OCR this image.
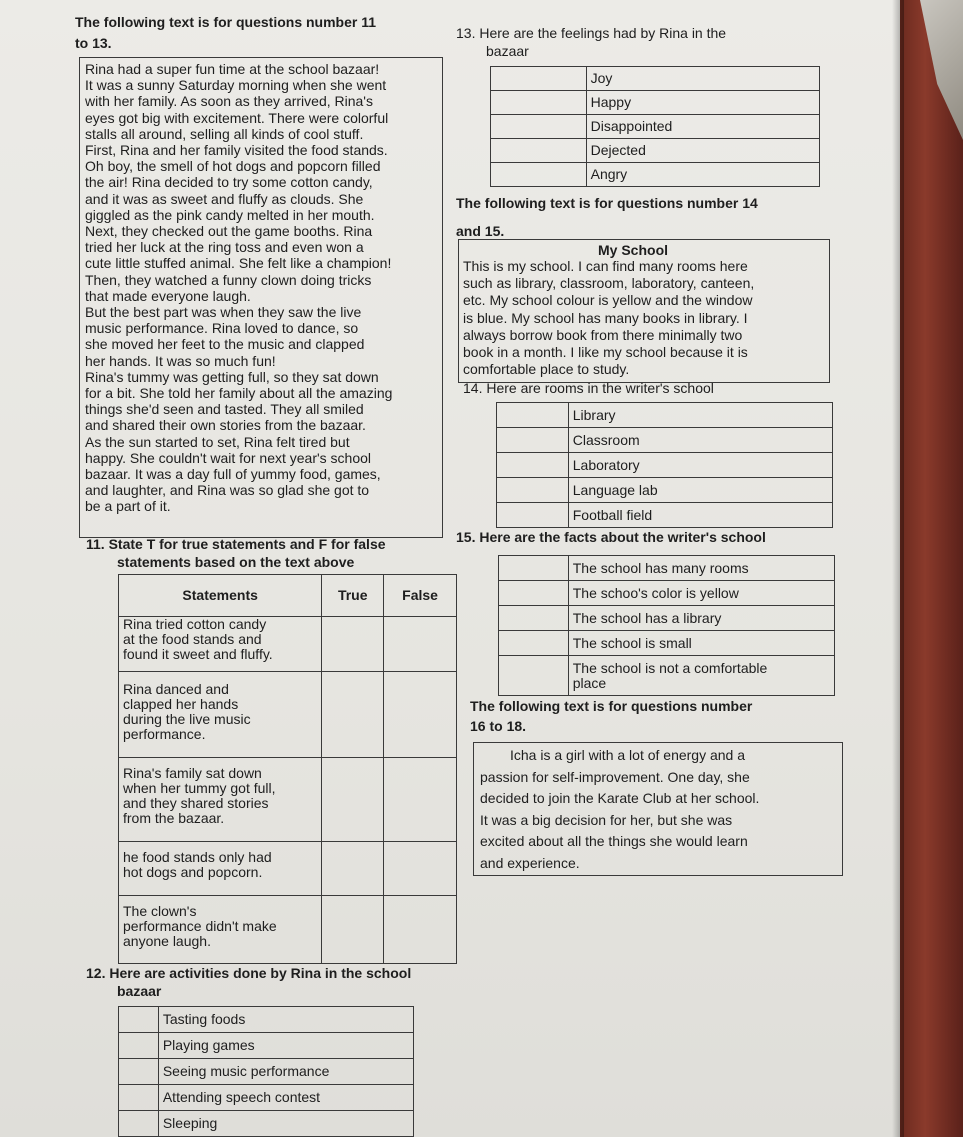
The following text is for questions number 11
to 13.
Rina had a super fun time at the school bazaar!
It was a sunny Saturday morning when she went
with her family. As soon as they arrived, Rina's
eyes got big with excitement. There were colorful
stalls all around, selling all kinds of cool stuff.
First, Rina and her family visited the food stands.
Oh boy, the smell of hot dogs and popcorn filled
the air! Rina decided to try some cotton candy,
and it was as sweet and fluffy as clouds. She
giggled as the pink candy melted in her mouth.
Next, they checked out the game booths. Rina
tried her luck at the ring toss and even won a
cute little stuffed animal. She felt like a champion!
Then, they watched a funny clown doing tricks
that made everyone laugh.
But the best part was when they saw the live
music performance. Rina loved to dance, so
she moved her feet to the music and clapped
her hands. It was so much fun!
Rina's tummy was getting full, so they sat down
for a bit. She told her family about all the amazing
things she'd seen and tasted. They all smiled
and shared their own stories from the bazaar.
As the sun started to set, Rina felt tired but
happy. She couldn't wait for next year's school
bazaar. It was a day full of yummy food, games,
and laughter, and Rina was so glad she got to
be a part of it.
11. State T for true statements and F for false
statements based on the text above
Statements	True	False

Rina tried cotton candy
at the food stands and
found it sweet and fluffy.		

Rina danced and
clapped her hands
during the live music
performance.		

Rina's family sat down
when her tummy got full,
and they shared stories
from the bazaar.		

he food stands only had
hot dogs and popcorn.		

The clown's
performance didn't make
anyone laugh.		

12. Here are activities done by Rina in the school
bazaar
	Tasting foods
	Playing games
	Seeing music performance
	Attending speech contest
	Sleeping
13. Here are the feelings had by Rina in the
bazaar
	Joy
	Happy
	Disappointed
	Dejected
	Angry
The following text is for questions number 14
and 15.
My School
This is my school. I can find many rooms here
such as library, classroom, laboratory, canteen,
etc. My school colour is yellow and the window
is blue. My school has many books in library. I
always borrow book from there minimally two
book in a month. I like my school because it is
comfortable place to study.
14. Here are rooms in the writer's school
	Library
	Classroom
	Laboratory
	Language lab
	Football field
15. Here are the facts about the writer's school
	The school has many rooms
	The schoo's color is yellow
	The school has a library
	The school is small

	The school is not a comfortable
place
The following text is for questions number
16 to 18.
Icha is a girl with a lot of energy and a
passion for self-improvement. One day, she
decided to join the Karate Club at her school.
It was a big decision for her, but she was
excited about all the things she would learn
and experience.
